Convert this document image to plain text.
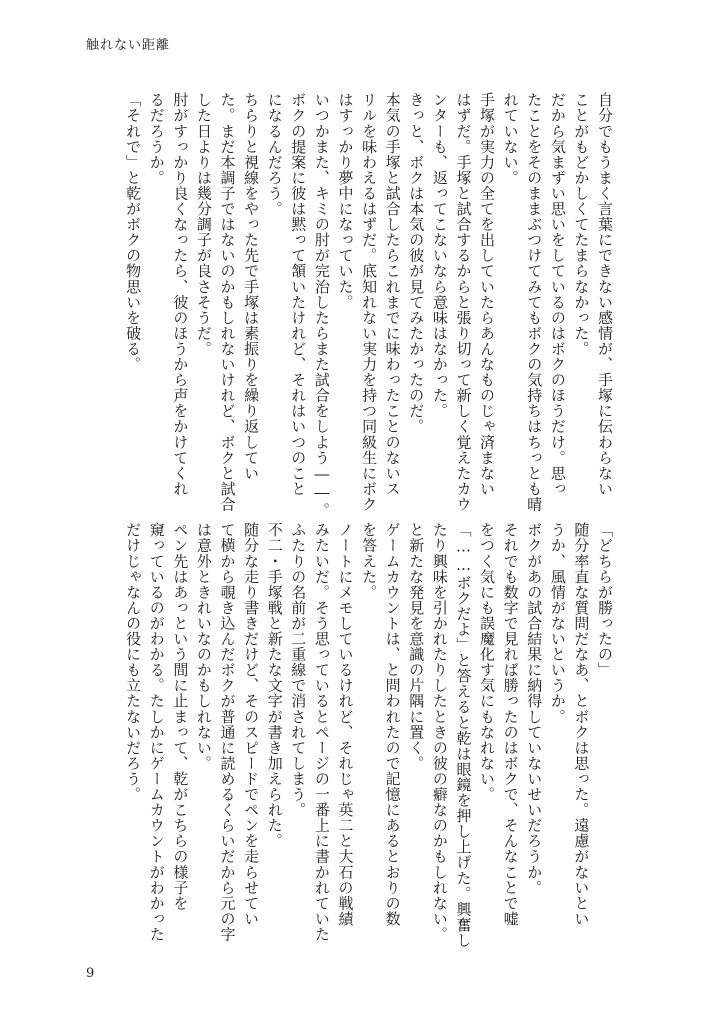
触れない距離
自分でもうまく言葉にできない感情が、手塚に伝わらない
ことがもどかしくてたまらなかった。
だから気まずい思いをしているのはボクのほうだけ。思っ
たことをそのままぶつけてみてもボクの気持ちはちっとも晴
れていない。
手塚が実力の全てを出していたらあんなものじゃ済まない
はずだ。手塚と試合するからと張り切って新しく覚えたカウ
ンターも、返ってこないなら意味はなかった。
きっと、ボクは本気の彼が見てみたかったのだ。
本気の手塚と試合したらこれまでに味わったことのないス
リルを味わえるはずだ。底知れない実力を持つ同級生にボク
はすっかり夢中になっていた。
いつかまた、キミの肘が完治したらまた試合をしよう――。
ボクの提案に彼は黙って頷いたけれど、それはいつのこと
になるんだろう。
ちらりと視線をやった先で手塚は素振りを繰り返してい
た。まだ本調子ではないのかもしれないけれど、ボクと試合
した日よりは幾分調子が良さそうだ。
肘がすっかり良くなったら、彼のほうから声をかけてくれ
るだろうか。
「それで」と乾がボクの物思いを破る。
「どちらが勝ったの」
随分率直な質問だなあ、とボクは思った。遠慮がないとい
うか、風情がないというか。
ボクがあの試合結果に納得していないせいだろうか。
それでも数字で見れば勝ったのはボクで、そんなことで嘘
をつく気にも誤魔化す気にもなれない。
「……ボクだよ」と答えると乾は眼鏡を押し上げた。興奮し
たり興味を引かれたりしたときの彼の癖なのかもしれない。
と新たな発見を意識の片隅に置く。
ゲームカウントは、と問われたので記憶にあるとおりの数
を答えた。
ノートにメモしているけれど、それじゃ英二と大石の戦績
みたいだ。そう思っているとページの一番上に書かれていた
ふたりの名前が二重線で消されてしまう。
不二・手塚戦と新たな文字が書き加えられた。
随分な走り書きだけど、そのスピードでペンを走らせてい
て横から覗き込んだボクが普通に読めるくらいだから元の字
は意外ときれいなのかもしれない。
ペン先はあっという間に止まって、乾がこちらの様子を
窺っているのがわかる。たしかにゲームカウントがわかった
だけじゃなんの役にも立たないだろう。
9
